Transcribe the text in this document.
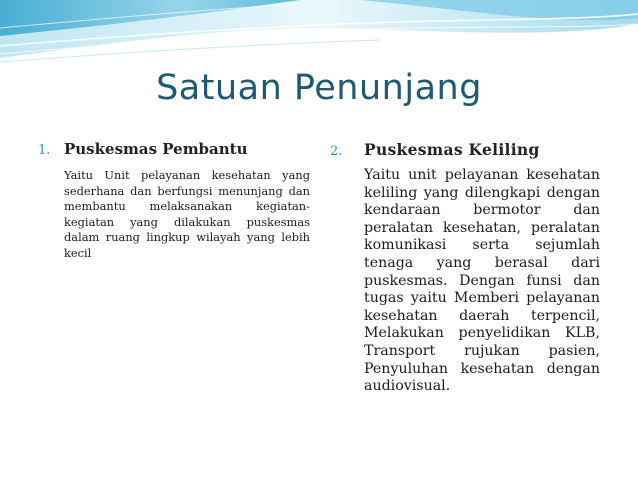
Satuan Penunjang
1. Puskesmas Pembantu
Yaitu Unit pelayanan kesehatan yang sederhana dan berfungsi menunjang dan membantu melaksanakan kegiatan-kegiatan yang dilakukan puskesmas dalam ruang lingkup wilayah yang lebih kecil
2.	Puskesmas Keliling
Yaitu unit pelayanan kesehatan keliling yang dilengkapi dengan kendaraan bermotor dan peralatan kesehatan, peralatan komunikasi serta sejumlah tenaga yang berasal dari puskesmas. Dengan funsi dan tugas yaitu Memberi pelayanan kesehatan daerah terpencil, Melakukan penyelidikan KLB, Transport rujukan pasien, Penyuluhan kesehatan dengan audiovisual.
